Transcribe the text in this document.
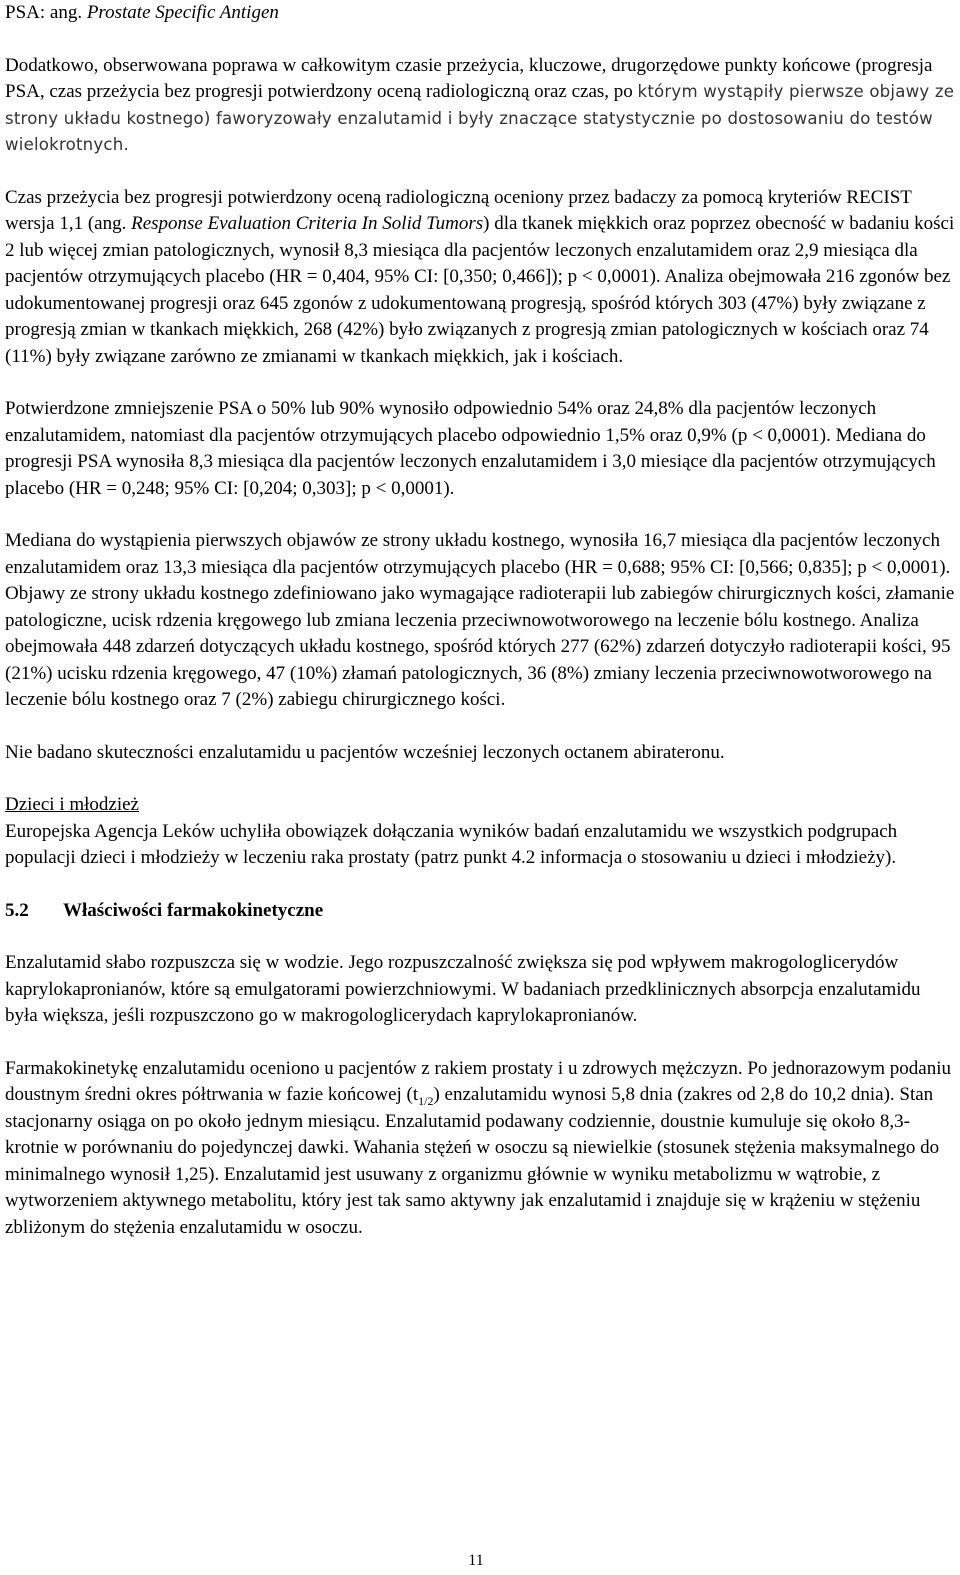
PSA: ang. Prostate Specific Antigen

Dodatkowo, obserwowana poprawa w całkowitym czasie przeżycia, kluczowe, drugorzędowe punkty końcowe (progresja PSA, czas przeżycia bez progresji potwierdzony oceną radiologiczną oraz czas, po którym wystąpiły pierwsze objawy ze strony układu kostnego) faworyzowały enzalutamid i były znaczące statystycznie po dostosowaniu do testów wielokrotnych.

Czas przeżycia bez progresji potwierdzony oceną radiologiczną oceniony przez badaczy za pomocą kryteriów RECIST wersja 1,1 (ang. Response Evaluation Criteria In Solid Tumors) dla tkanek miękkich oraz poprzez obecność w badaniu kości 2 lub więcej zmian patologicznych, wynosił 8,3 miesiąca dla pacjentów leczonych enzalutamidem oraz 2,9 miesiąca dla pacjentów otrzymujących placebo (HR = 0,404, 95% CI: [0,350; 0,466]); p < 0,0001). Analiza obejmowała 216 zgonów bez udokumentowanej progresji oraz 645 zgonów z udokumentowaną progresją, spośród których 303 (47%) były związane z progresją zmian w tkankach miękkich, 268 (42%) było związanych z progresją zmian patologicznych w kościach oraz 74 (11%) były związane zarówno ze zmianami w tkankach miękkich, jak i kościach.

Potwierdzone zmniejszenie PSA o 50% lub 90% wynosiło odpowiednio 54% oraz 24,8% dla pacjentów leczonych enzalutamidem, natomiast dla pacjentów otrzymujących placebo odpowiednio 1,5% oraz 0,9% (p < 0,0001). Mediana do progresji PSA wynosiła 8,3 miesiąca dla pacjentów leczonych enzalutamidem i 3,0 miesiące dla pacjentów otrzymujących placebo (HR = 0,248; 95% CI: [0,204; 0,303]; p < 0,0001).

Mediana do wystąpienia pierwszych objawów ze strony układu kostnego, wynosiła 16,7 miesiąca dla pacjentów leczonych enzalutamidem oraz 13,3 miesiąca dla pacjentów otrzymujących placebo (HR = 0,688; 95% CI: [0,566; 0,835]; p < 0,0001). Objawy ze strony układu kostnego zdefiniowano jako wymagające radioterapii lub zabiegów chirurgicznych kości, złamanie patologiczne, ucisk rdzenia kręgowego lub zmiana leczenia przeciwnowotworowego na leczenie bólu kostnego. Analiza obejmowała 448 zdarzeń dotyczących układu kostnego, spośród których 277 (62%) zdarzeń dotyczyło radioterapii kości, 95 (21%) ucisku rdzenia kręgowego, 47 (10%) złamań patologicznych, 36 (8%) zmiany leczenia przeciwnowotworowego na leczenie bólu kostnego oraz 7 (2%) zabiegu chirurgicznego kości.

Nie badano skuteczności enzalutamidu u pacjentów wcześniej leczonych octanem abirateronu.

Dzieci i młodzież

Europejska Agencja Leków uchyliła obowiązek dołączania wyników badań enzalutamidu we wszystkich podgrupach populacji dzieci i młodzieży w leczeniu raka prostaty (patrz punkt 4.2 informacja o stosowaniu u dzieci i młodzieży).

5.2 Właściwości farmakokinetyczne

Enzalutamid słabo rozpuszcza się w wodzie. Jego rozpuszczalność zwiększa się pod wpływem makrogologlicerydów kaprylokapronianów, które są emulgatorami powierzchniowymi. W badaniach przedklinicznych absorpcja enzalutamidu była większa, jeśli rozpuszczono go w makrogologlicerydach kaprylokapronianów.

Farmakokinetykę enzalutamidu oceniono u pacjentów z rakiem prostaty i u zdrowych mężczyzn. Po jednorazowym podaniu doustnym średni okres półtrwania w fazie końcowej $(t_{1/2})$ enzalutamidu wynosi 5,8 dnia (zakres od 2,8 do 10,2 dnia). Stan stacjonarny osiąga on po około jednym miesiącu. Enzalutamid podawany codziennie, doustnie kumuluje się około 8,3-krotnie w porównaniu do pojedynczej dawki. Wahania stężeń w osoczu są niewielkie (stosunek stężenia maksymalnego do minimalnego wynosił 1,25). Enzalutamid jest usuwany z organizmu głównie w wyniku metabolizmu w wątrobie, z wytworzeniem aktywnego metabolitu, który jest tak samo aktywny jak enzalutamid i znajduje się w krążeniu w stężeniu zbliżonym do stężenia enzalutamidu w osoczu.

11
